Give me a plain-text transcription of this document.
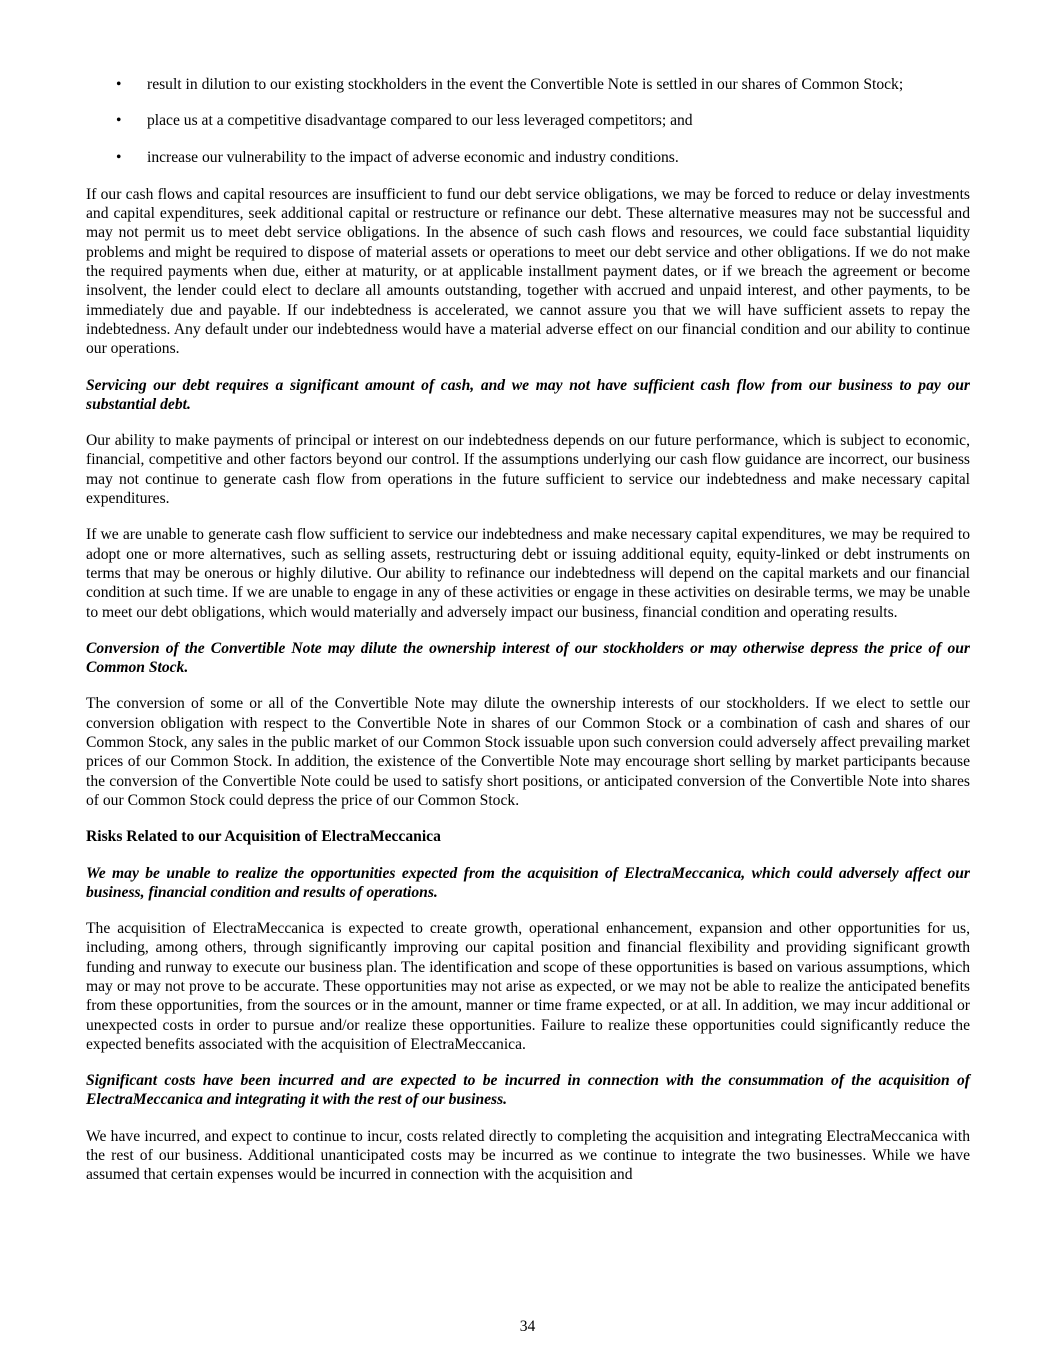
• result in dilution to our existing stockholders in the event the Convertible Note is settled in our shares of Common Stock;
• place us at a competitive disadvantage compared to our less leveraged competitors; and
• increase our vulnerability to the impact of adverse economic and industry conditions.

If our cash flows and capital resources are insufficient to fund our debt service obligations, we may be forced to reduce or delay investments and capital expenditures, seek additional capital or restructure or refinance our debt. These alternative measures may not be successful and may not permit us to meet debt service obligations. In the absence of such cash flows and resources, we could face substantial liquidity problems and might be required to dispose of material assets or operations to meet our debt service and other obligations. If we do not make the required payments when due, either at maturity, or at applicable installment payment dates, or if we breach the agreement or become insolvent, the lender could elect to declare all amounts outstanding, together with accrued and unpaid interest, and other payments, to be immediately due and payable. If our indebtedness is accelerated, we cannot assure you that we will have sufficient assets to repay the indebtedness. Any default under our indebtedness would have a material adverse effect on our financial condition and our ability to continue our operations.

Servicing our debt requires a significant amount of cash, and we may not have sufficient cash flow from our business to pay our substantial debt.

Our ability to make payments of principal or interest on our indebtedness depends on our future performance, which is subject to economic, financial, competitive and other factors beyond our control. If the assumptions underlying our cash flow guidance are incorrect, our business may not continue to generate cash flow from operations in the future sufficient to service our indebtedness and make necessary capital expenditures.

If we are unable to generate cash flow sufficient to service our indebtedness and make necessary capital expenditures, we may be required to adopt one or more alternatives, such as selling assets, restructuring debt or issuing additional equity, equity-linked or debt instruments on terms that may be onerous or highly dilutive. Our ability to refinance our indebtedness will depend on the capital markets and our financial condition at such time. If we are unable to engage in any of these activities or engage in these activities on desirable terms, we may be unable to meet our debt obligations, which would materially and adversely impact our business, financial condition and operating results.

Conversion of the Convertible Note may dilute the ownership interest of our stockholders or may otherwise depress the price of our Common Stock.

The conversion of some or all of the Convertible Note may dilute the ownership interests of our stockholders. If we elect to settle our conversion obligation with respect to the Convertible Note in shares of our Common Stock or a combination of cash and shares of our Common Stock, any sales in the public market of our Common Stock issuable upon such conversion could adversely affect prevailing market prices of our Common Stock. In addition, the existence of the Convertible Note may encourage short selling by market participants because the conversion of the Convertible Note could be used to satisfy short positions, or anticipated conversion of the Convertible Note into shares of our Common Stock could depress the price of our Common Stock.

Risks Related to our Acquisition of ElectraMeccanica

We may be unable to realize the opportunities expected from the acquisition of ElectraMeccanica, which could adversely affect our business, financial condition and results of operations.

The acquisition of ElectraMeccanica is expected to create growth, operational enhancement, expansion and other opportunities for us, including, among others, through significantly improving our capital position and financial flexibility and providing significant growth funding and runway to execute our business plan. The identification and scope of these opportunities is based on various assumptions, which may or may not prove to be accurate. These opportunities may not arise as expected, or we may not be able to realize the anticipated benefits from these opportunities, from the sources or in the amount, manner or time frame expected, or at all. In addition, we may incur additional or unexpected costs in order to pursue and/or realize these opportunities. Failure to realize these opportunities could significantly reduce the expected benefits associated with the acquisition of ElectraMeccanica.

Significant costs have been incurred and are expected to be incurred in connection with the consummation of the acquisition of ElectraMeccanica and integrating it with the rest of our business.

We have incurred, and expect to continue to incur, costs related directly to completing the acquisition and integrating ElectraMeccanica with the rest of our business. Additional unanticipated costs may be incurred as we continue to integrate the two businesses. While we have assumed that certain expenses would be incurred in connection with the acquisition and

34
